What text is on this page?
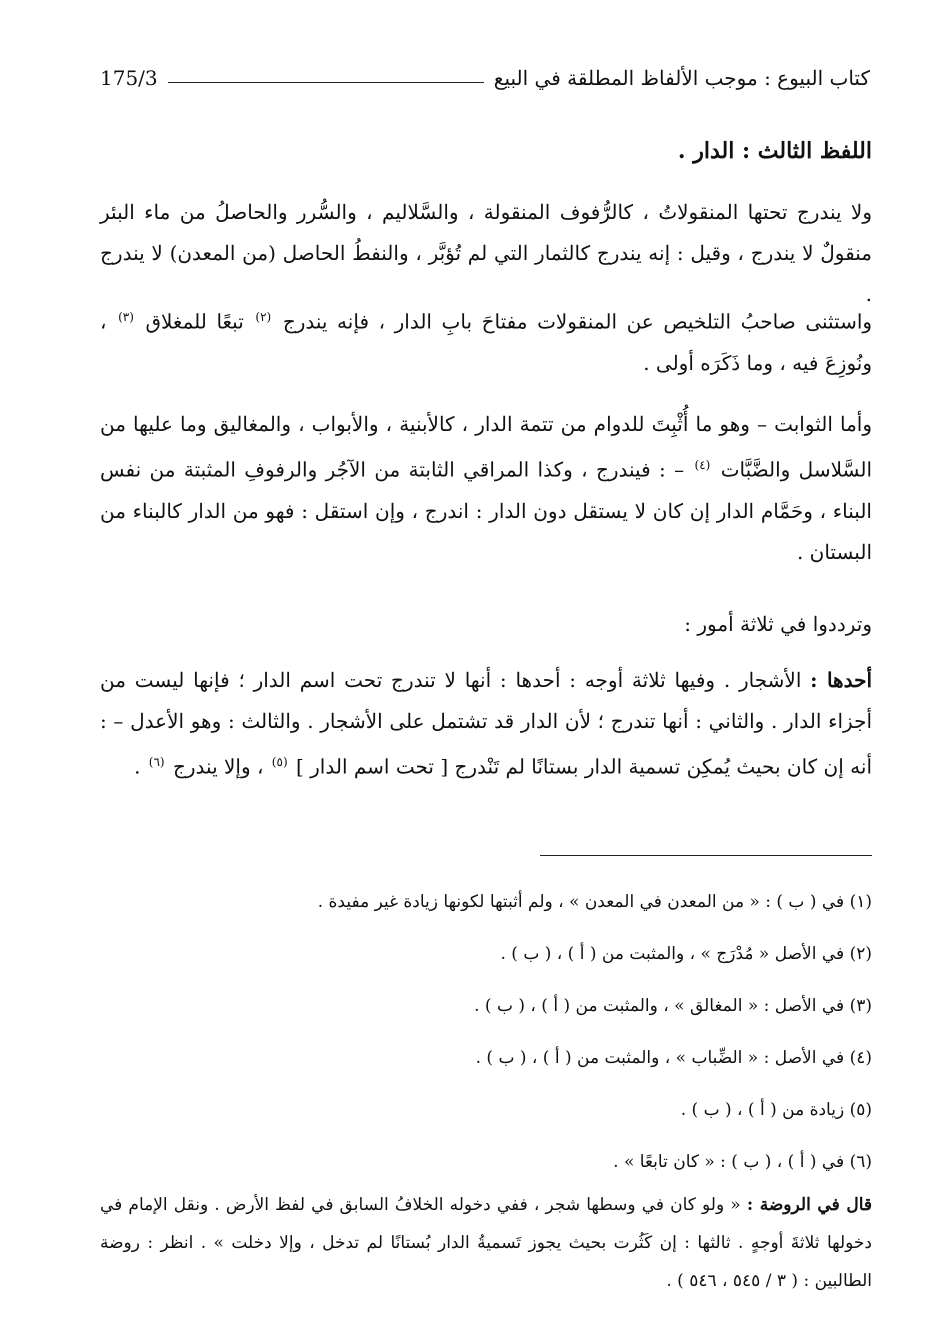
كتاب البيوع : موجب الألفاظ المطلقة في البيع
175/3
اللفظ الثالث : الدار .
ولا يندرج تحتها المنقولاتُ ، كالرُّفوف المنقولة ، والسَّلاليم ، والسُّرر والحاصلُ من ماء البئر منقولٌ لا يندرج ، وقيل : إنه يندرج كالثمار التي لم تُؤبَّر ، والنفطُ الحاصل (من المعدن) لا يندرج .
واستثنى صاحبُ التلخيص عن المنقولات مفتاحَ بابِ الدار ، فإنه يندرج $^{(٢)}$ تبعًا للمغلاق $^{(٣)}$ ، ونُوزِعَ فيه ، وما ذَكَرَه أولى .
وأما الثوابت – وهو ما أُثْبِتَ للدوام من تتمة الدار ، كالأبنية ، والأبواب ، والمغاليق وما عليها من السَّلاسل والضَّبَّات $^{(٤)}$ – : فيندرج ، وكذا المراقي الثابتة من الآجُر والرفوفِ المثبتة من نفس البناء ، وحَمَّام الدار إن كان لا يستقل دون الدار : اندرج ، وإن استقل : فهو من الدار كالبناء من البستان .
وترددوا في ثلاثة أمور :
أحدها : الأشجار . وفيها ثلاثة أوجه : أحدها : أنها لا تندرج تحت اسم الدار ؛ فإنها ليست من أجزاء الدار . والثاني : أنها تندرج ؛ لأن الدار قد تشتمل على الأشجار . والثالث : وهو الأعدل – : أنه إن كان بحيث يُمكِن تسمية الدار بستانًا لم تَنْدرج [ تحت اسم الدار ] $^{(٥)}$ ، وإلا يندرج $^{(٦)}$ .
(١) في ( ب ) : « من المعدن في المعدن » ، ولم أثبتها لكونها زيادة غير مفيدة .
(٢) في الأصل « مُدْرَج » ، والمثبت من ( أ ) ، ( ب ) .
(٣) في الأصل : « المغالق » ، والمثبت من ( أ ) ، ( ب ) .
(٤) في الأصل : « الضِّباب » ، والمثبت من ( أ ) ، ( ب ) .
(٥) زيادة من ( أ ) ، ( ب ) .
(٦) في ( أ ) ، ( ب ) : « كان تابعًا » .
قال في الروضة : « ولو كان في وسطها شجر ، ففي دخوله الخلافُ السابق في لفظ الأرض . ونقل الإمام في دخولها ثلاثةَ أوجهٍ . ثالثها : إن كَثُرت بحيث يجوز تَسميةُ الدار بُستانًا لم تدخل ، وإلا دخلت » . انظر : روضة الطالبين : ( ٣ / ٥٤٥ ، ٥٤٦ ) .
